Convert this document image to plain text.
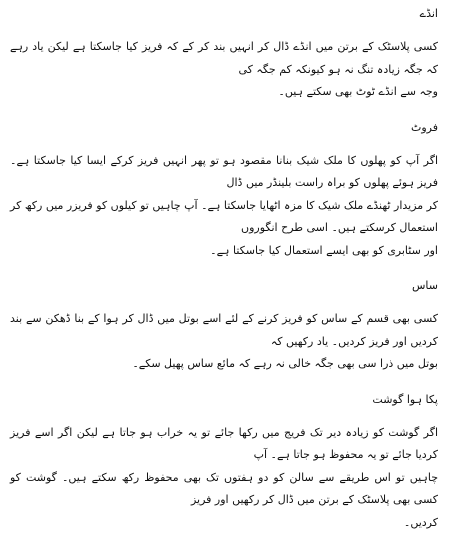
انڈے

کسی پلاسٹک کے برتن میں انڈے ڈال کر انہیں بند کر کے کہ فریز کیا جاسکتا ہے لیکن یاد رہے کہ جگہ زیادہ تنگ نہ ہو کیونکہ کم جگہ کی
وجہ سے انڈے ٹوٹ بھی سکتے ہیں۔

فروٹ

اگر آپ کو پھلوں کا ملک شیک بنانا مقصود ہو تو پھر انہیں فریز کرکے ایسا کیا جاسکتا ہے۔ فریز ہوئے پھلوں کو براہ راست بلینڈر میں ڈال
کر مزیدار ٹھنڈے ملک شیک کا مزہ اٹھایا جاسکتا ہے۔ آپ چاہیں تو کیلوں کو فریزر میں رکھ کر استعمال کرسکتے ہیں۔ اسی طرح انگوروں
اور سٹابری کو بھی ایسے استعمال کیا جاسکتا ہے۔

ساس

کسی بھی قسم کے ساس کو فریز کرنے کے لئے اسے بوتل میں ڈال کر ہوا کے بنا ڈھکن سے بند کردیں اور فریز کردیں۔ یاد رکھیں کہ
بوتل میں ذرا سی بھی جگہ خالی نہ رہے کہ مائع ساس پھیل سکے۔

پکا ہوا گوشت

اگر گوشت کو زیادہ دیر تک فریج میں رکھا جائے تو یہ خراب ہو جاتا ہے لیکن اگر اسے فریز کردیا جائے تو یہ محفوظ ہو جاتا ہے۔ آپ
چاہیں تو اس طریقے سے سالن کو دو ہفتوں تک بھی محفوظ رکھ سکتے ہیں۔ گوشت کو کسی بھی پلاسٹک کے برتن میں ڈال کر رکھیں اور فریز
کردیں۔
